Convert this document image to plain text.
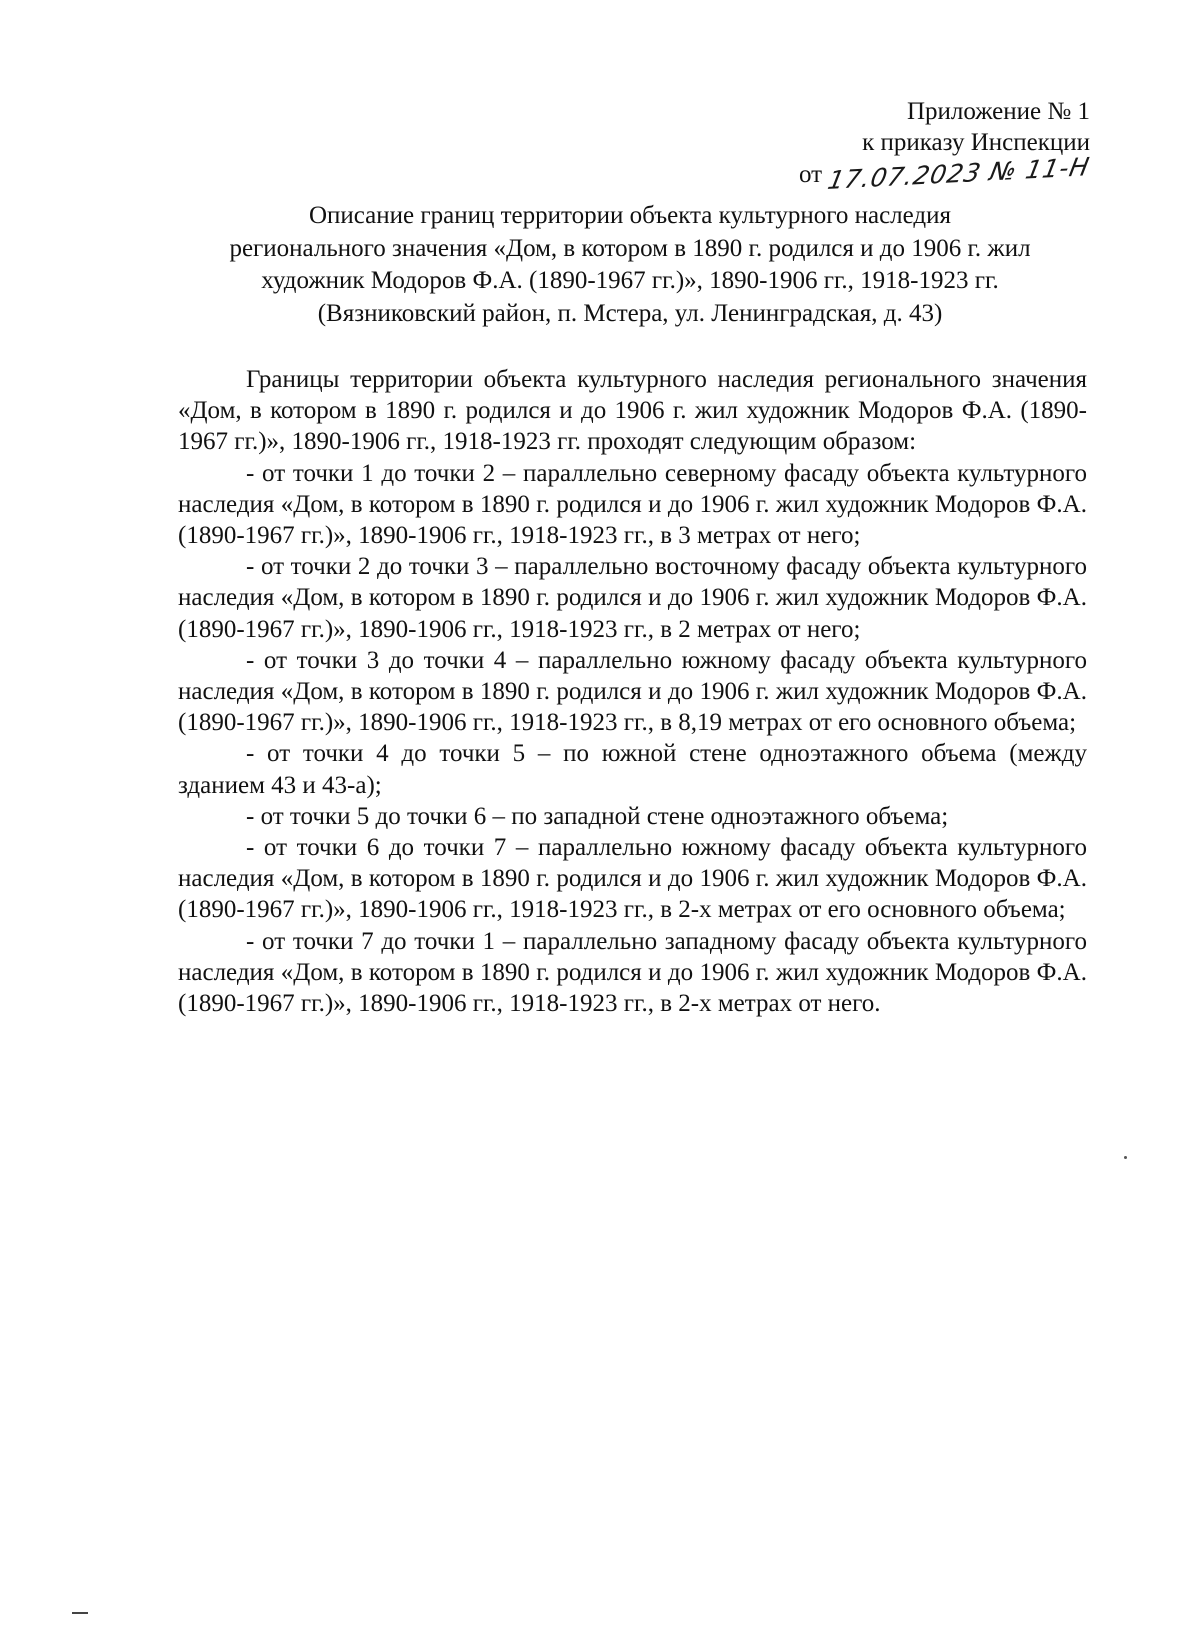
Приложение № 1
к приказу Инспекции
от 17.07.2023 № 11-Н
Описание границ территории объекта культурного наследия
регионального значения «Дом, в котором в 1890 г. родился и до 1906 г. жил
художник Модоров Ф.А. (1890-1967 гг.)», 1890-1906 гг., 1918-1923 гг.
(Вязниковский район, п. Мстера, ул. Ленинградская, д. 43)

Границы территории объекта культурного наследия регионального значения «Дом, в котором в 1890 г. родился и до 1906 г. жил художник Модоров Ф.А. (1890-1967 гг.)», 1890-1906 гг., 1918-1923 гг. проходят следующим образом:

- от точки 1 до точки 2 – параллельно северному фасаду объекта культурного наследия «Дом, в котором в 1890 г. родился и до 1906 г. жил художник Модоров Ф.А. (1890-1967 гг.)», 1890-1906 гг., 1918-1923 гг., в 3 метрах от него;

- от точки 2 до точки 3 – параллельно восточному фасаду объекта культурного наследия «Дом, в котором в 1890 г. родился и до 1906 г. жил художник Модоров Ф.А. (1890-1967 гг.)», 1890-1906 гг., 1918-1923 гг., в 2 метрах от него;

- от точки 3 до точки 4 – параллельно южному фасаду объекта культурного наследия «Дом, в котором в 1890 г. родился и до 1906 г. жил художник Модоров Ф.А. (1890-1967 гг.)», 1890-1906 гг., 1918-1923 гг., в 8,19 метрах от его основного объема;

- от точки 4 до точки 5 – по южной стене одноэтажного объема (между зданием 43 и 43-а);

- от точки 5 до точки 6 – по западной стене одноэтажного объема;

- от точки 6 до точки 7 – параллельно южному фасаду объекта культурного наследия «Дом, в котором в 1890 г. родился и до 1906 г. жил художник Модоров Ф.А. (1890-1967 гг.)», 1890-1906 гг., 1918-1923 гг., в 2-х метрах от его основного объема;

- от точки 7 до точки 1 – параллельно западному фасаду объекта культурного наследия «Дом, в котором в 1890 г. родился и до 1906 г. жил художник Модоров Ф.А. (1890-1967 гг.)», 1890-1906 гг., 1918-1923 гг., в 2-х метрах от него.
